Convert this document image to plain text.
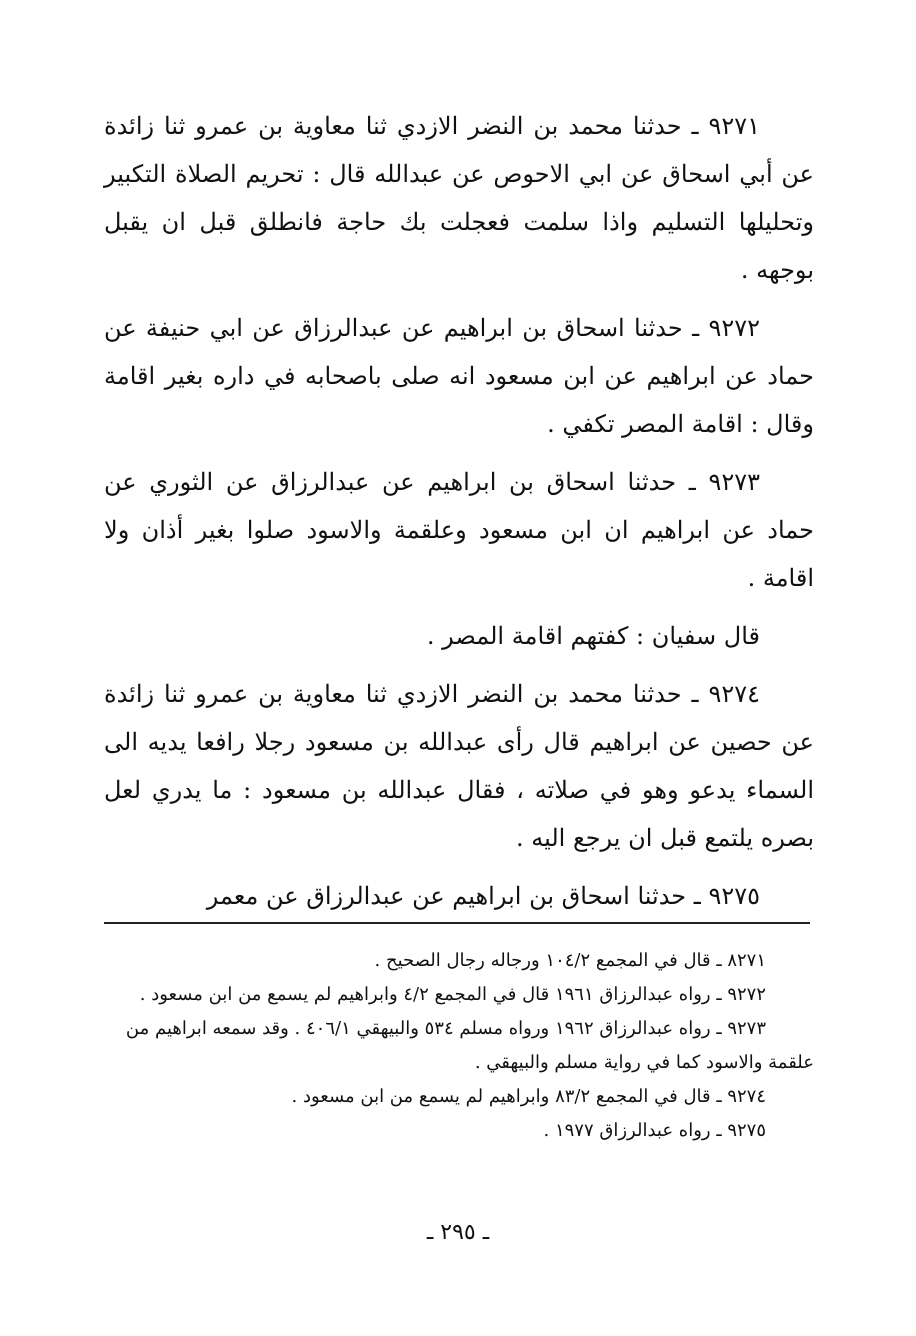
٩٢٧١ ـ حدثنا محمد بن النضر الازدي ثنا معاوية بن عمرو ثنا زائدة عن أبي اسحاق عن ابي الاحوص عن عبدالله قال : تحريم الصلاة التكبير وتحليلها التسليم واذا سلمت فعجلت بك حاجة فانطلق قبل ان يقبل بوجهه .

٩٢٧٢ ـ حدثنا اسحاق بن ابراهيم عن عبدالرزاق عن ابي حنيفة عن حماد عن ابراهيم عن ابن مسعود انه صلى باصحابه في داره بغير اقامة وقال : اقامة المصر تكفي .

٩٢٧٣ ـ حدثنا اسحاق بن ابراهيم عن عبدالرزاق عن الثوري عن حماد عن ابراهيم ان ابن مسعود وعلقمة والاسود صلوا بغير أذان ولا اقامة .

قال سفيان : كفتهم اقامة المصر .

٩٢٧٤ ـ حدثنا محمد بن النضر الازدي ثنا معاوية بن عمرو ثنا زائدة عن حصين عن ابراهيم قال رأى عبدالله بن مسعود رجلا رافعا يديه الى السماء يدعو وهو في صلاته ، فقال عبدالله بن مسعود : ما يدري لعل بصره يلتمع قبل ان يرجع اليه .

٩٢٧٥ ـ حدثنا اسحاق بن ابراهيم عن عبدالرزاق عن معمر

٨٢٧١ ـ قال في المجمع ١٠٤/٢ ورجاله رجال الصحيح .

٩٢٧٢ ـ رواه عبدالرزاق ١٩٦١ قال في المجمع ٤/٢ وابراهيم لم يسمع من ابن مسعود .

٩٢٧٣ ـ رواه عبدالرزاق ١٩٦٢ ورواه مسلم ٥٣٤ والبيهقي ٤٠٦/١ . وقد سمعه ابراهيم من علقمة والاسود كما في رواية مسلم والبيهقي .

٩٢٧٤ ـ قال في المجمع ٨٣/٢ وابراهيم لم يسمع من ابن مسعود .

٩٢٧٥ ـ رواه عبدالرزاق ١٩٧٧ .

ـ ٢٩٥ ـ
